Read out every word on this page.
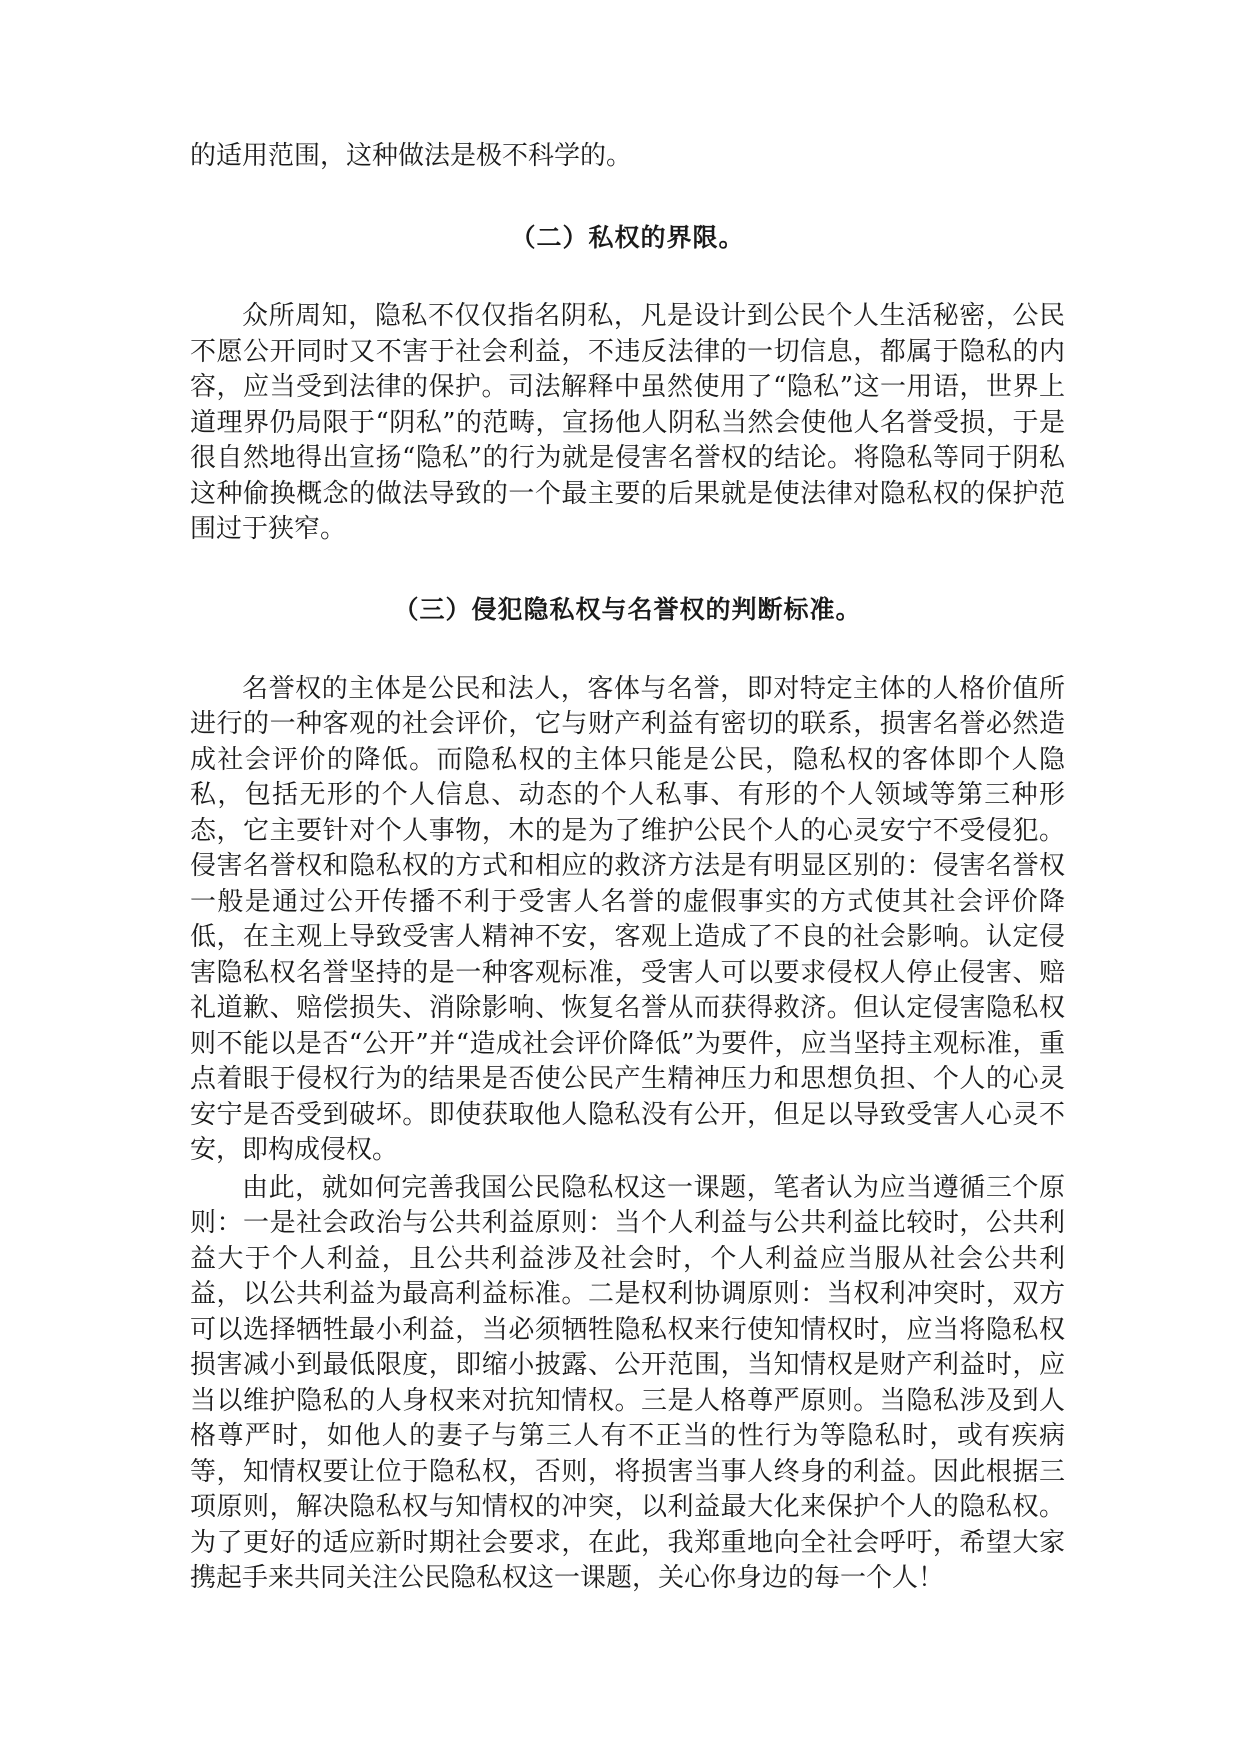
的适用范围，这种做法是极不科学的。

（二）私权的界限。

众所周知，隐私不仅仅指名阴私，凡是设计到公民个人生活秘密，公民不愿公开同时又不害于社会利益，不违反法律的一切信息，都属于隐私的内容，应当受到法律的保护。司法解释中虽然使用了“隐私”这一用语，世界上道理界仍局限于“阴私”的范畴，宣扬他人阴私当然会使他人名誉受损，于是很自然地得出宣扬“隐私”的行为就是侵害名誉权的结论。将隐私等同于阴私这种偷换概念的做法导致的一个最主要的后果就是使法律对隐私权的保护范围过于狭窄。

（三）侵犯隐私权与名誉权的判断标准。

名誉权的主体是公民和法人，客体与名誉，即对特定主体的人格价值所进行的一种客观的社会评价，它与财产利益有密切的联系，损害名誉必然造成社会评价的降低。而隐私权的主体只能是公民，隐私权的客体即个人隐私，包括无形的个人信息、动态的个人私事、有形的个人领域等第三种形态，它主要针对个人事物，木的是为了维护公民个人的心灵安宁不受侵犯。侵害名誉权和隐私权的方式和相应的救济方法是有明显区别的：侵害名誉权一般是通过公开传播不利于受害人名誉的虚假事实的方式使其社会评价降低，在主观上导致受害人精神不安，客观上造成了不良的社会影响。认定侵害隐私权名誉坚持的是一种客观标准，受害人可以要求侵权人停止侵害、赔礼道歉、赔偿损失、消除影响、恢复名誉从而获得救济。但认定侵害隐私权则不能以是否“公开”并“造成社会评价降低”为要件，应当坚持主观标准，重点着眼于侵权行为的结果是否使公民产生精神压力和思想负担、个人的心灵安宁是否受到破坏。即使获取他人隐私没有公开，但足以导致受害人心灵不安，即构成侵权。

由此，就如何完善我国公民隐私权这一课题，笔者认为应当遵循三个原则：一是社会政治与公共利益原则：当个人利益与公共利益比较时，公共利益大于个人利益，且公共利益涉及社会时，个人利益应当服从社会公共利益，以公共利益为最高利益标准。二是权利协调原则：当权利冲突时，双方可以选择牺牲最小利益，当必须牺牲隐私权来行使知情权时，应当将隐私权损害减小到最低限度，即缩小披露、公开范围，当知情权是财产利益时，应当以维护隐私的人身权来对抗知情权。三是人格尊严原则。当隐私涉及到人格尊严时，如他人的妻子与第三人有不正当的性行为等隐私时，或有疾病等，知情权要让位于隐私权，否则，将损害当事人终身的利益。因此根据三项原则，解决隐私权与知情权的冲突，以利益最大化来保护个人的隐私权。为了更好的适应新时期社会要求，在此，我郑重地向全社会呼吁，希望大家携起手来共同关注公民隐私权这一课题，关心你身边的每一个人！
